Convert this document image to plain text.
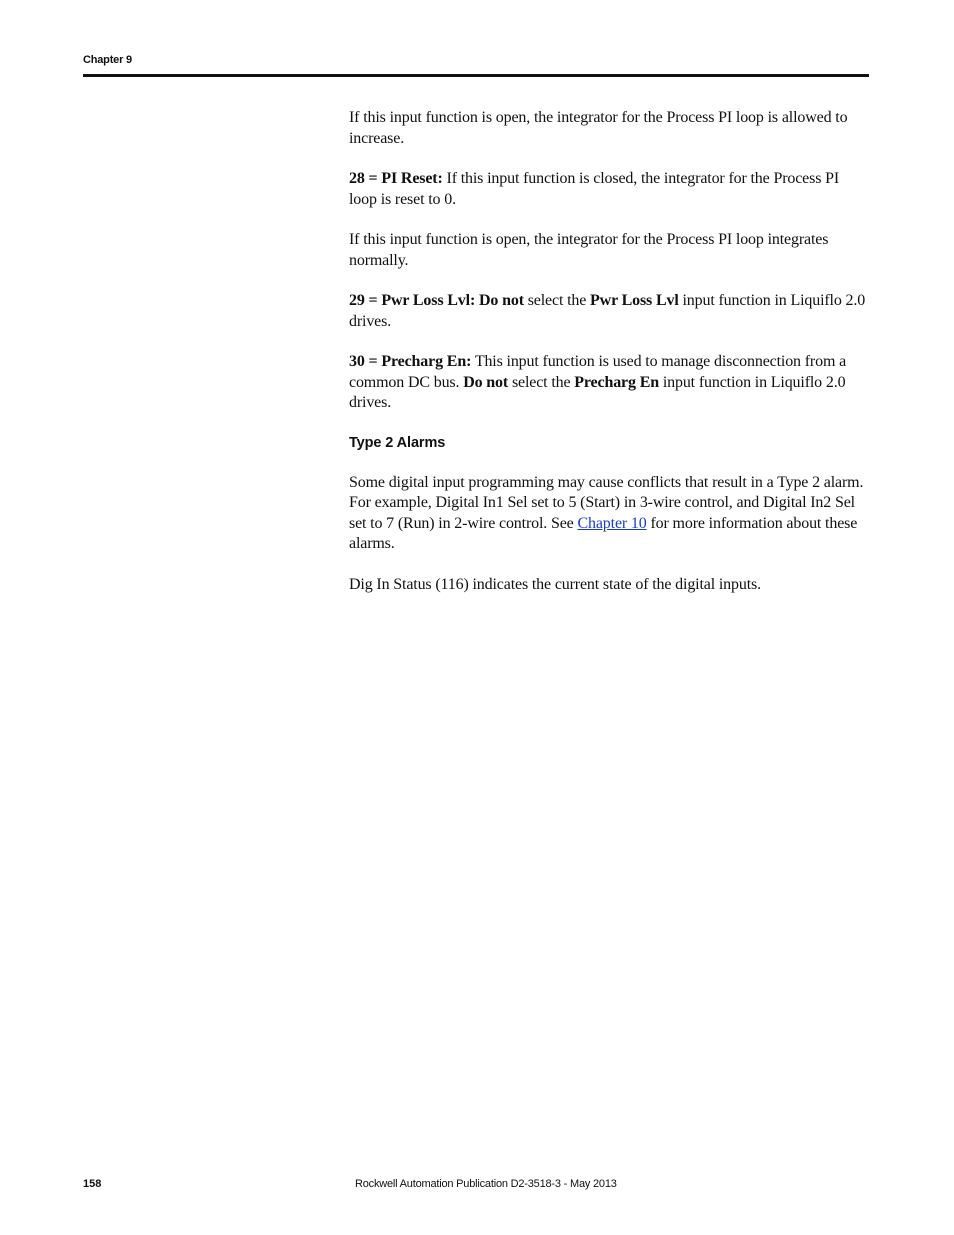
Chapter 9

If this input function is open, the integrator for the Process PI loop is allowed to increase.

28 = PI Reset: If this input function is closed, the integrator for the Process PI loop is reset to 0.

If this input function is open, the integrator for the Process PI loop integrates normally.

29 = Pwr Loss Lvl: Do not select the Pwr Loss Lvl input function in Liquiflo 2.0 drives.

30 = Precharg En: This input function is used to manage disconnection from a common DC bus. Do not select the Precharg En input function in Liquiflo 2.0 drives.

Type 2 Alarms

Some digital input programming may cause conflicts that result in a Type 2 alarm. For example, Digital In1 Sel set to 5 (Start) in 3-wire control, and Digital In2 Sel set to 7 (Run) in 2-wire control. See Chapter 10 for more information about these alarms.

Dig In Status (116) indicates the current state of the digital inputs.

158	Rockwell Automation Publication D2-3518-3 - May 2013
